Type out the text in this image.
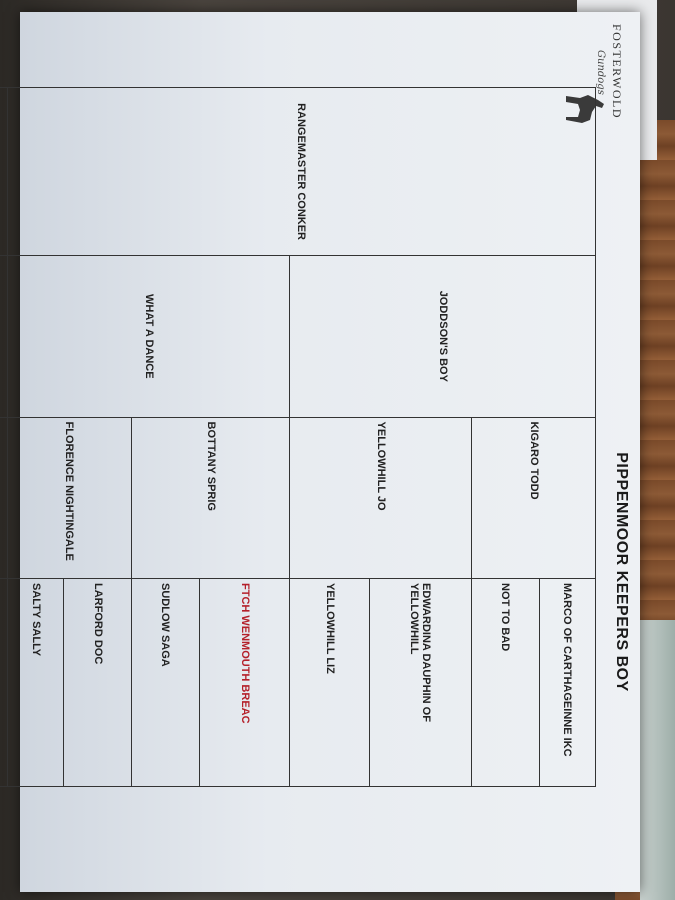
FOSTERWOLD
Gundogs
PIPPENMOOR KEEPERS BOY
RANGEMASTER CONKER	JODDSON'S BOY	KIGARO TODD	MARCO OF CARTHAGEINNE IKC	

			NOT TO BAD	

		YELLOWHILL JO	EDWARDINA DAUPHIN OF YELLOWHILL	

			YELLOWHILL LIZ	

	WHAT A DANCE	BOTTANY SPRIG	FTCH WENMOUTH BREAC	

			SUDLOW SAGA	

		FLORENCE NIGHTINGALE	LARFORD DOC	

			SALTY SALLY	
